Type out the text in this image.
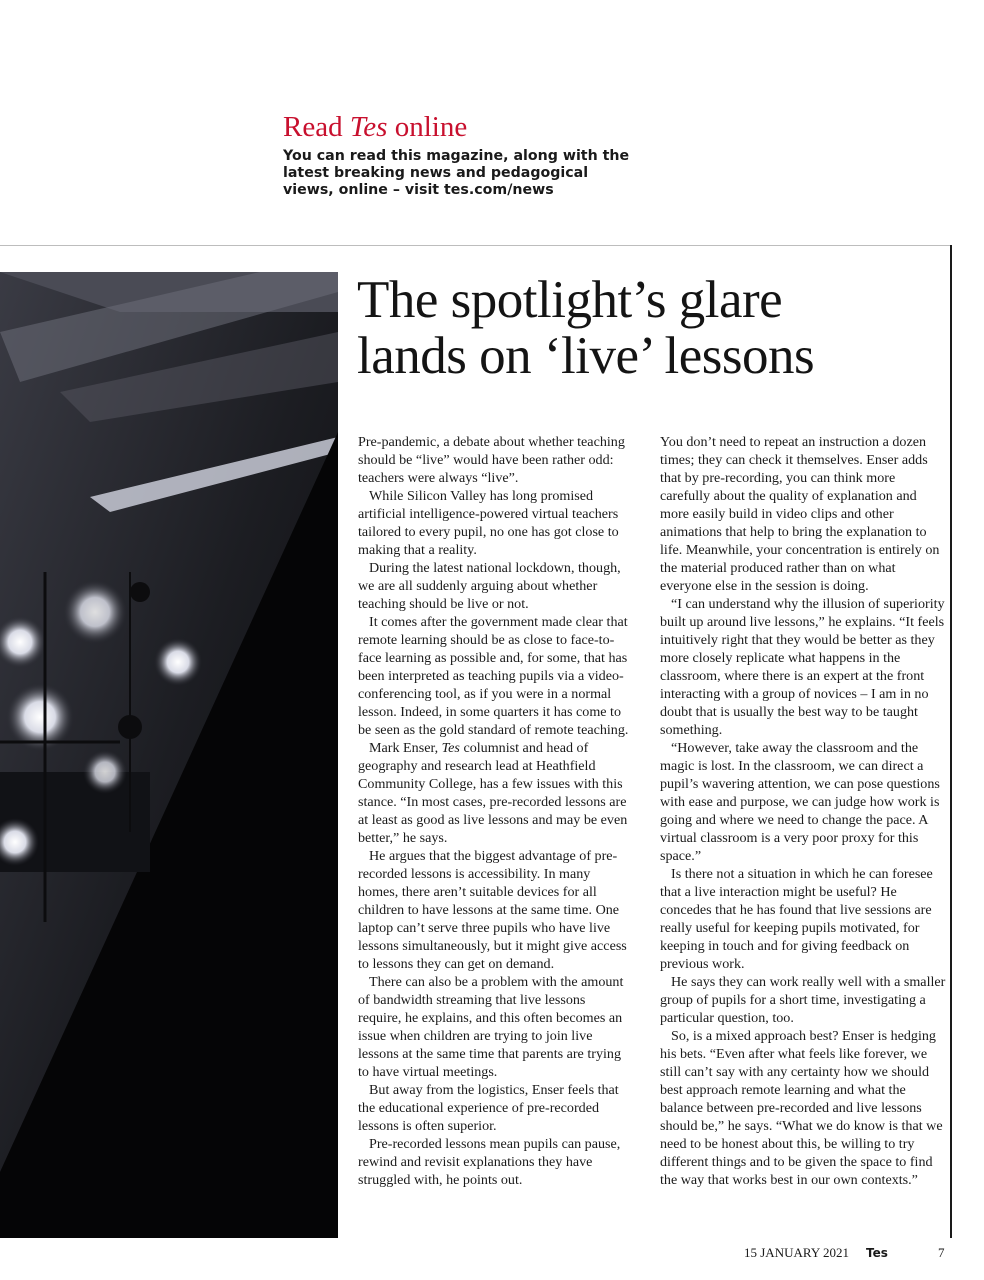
Read Tes online

You can read this magazine, along with the latest breaking news and pedagogical views, online – visit tes.com/news

The spotlight’s glare
lands on ‘live’ lessons

Pre-pandemic, a debate about whether teaching should be “live” would have been rather odd: teachers were always “live”.

While Silicon Valley has long promised artificial intelligence-powered virtual teachers tailored to every pupil, no one has got close to making that a reality.

During the latest national lockdown, though, we are all suddenly arguing about whether teaching should be live or not.

It comes after the government made clear that remote learning should be as close to face-to-face learning as possible and, for some, that has been interpreted as teaching pupils via a video-conferencing tool, as if you were in a normal lesson. Indeed, in some quarters it has come to be seen as the gold standard of remote teaching.

Mark Enser, Tes columnist and head of geography and research lead at Heathfield Community College, has a few issues with this stance. “In most cases, pre-recorded lessons are at least as good as live lessons and may be even better,” he says.

He argues that the biggest advantage of pre-recorded lessons is accessibility. In many homes, there aren’t suitable devices for all children to have lessons at the same time. One laptop can’t serve three pupils who have live lessons simultaneously, but it might give access to lessons they can get on demand.

There can also be a problem with the amount of bandwidth streaming that live lessons require, he explains, and this often becomes an issue when children are trying to join live lessons at the same time that parents are trying to have virtual meetings.

But away from the logistics, Enser feels that the educational experience of pre-recorded lessons is often superior.

Pre-recorded lessons mean pupils can pause, rewind and revisit explanations they have struggled with, he points out.

You don’t need to repeat an instruction a dozen times; they can check it themselves. Enser adds that by pre-recording, you can think more carefully about the quality of explanation and more easily build in video clips and other animations that help to bring the explanation to life. Meanwhile, your concentration is entirely on the material produced rather than on what everyone else in the session is doing.

“I can understand why the illusion of superiority built up around live lessons,” he explains. “It feels intuitively right that they would be better as they more closely replicate what happens in the classroom, where there is an expert at the front interacting with a group of novices – I am in no doubt that is usually the best way to be taught something.

“However, take away the classroom and the magic is lost. In the classroom, we can direct a pupil’s wavering attention, we can pose questions with ease and purpose, we can judge how work is going and where we need to change the pace. A virtual classroom is a very poor proxy for this space.”

Is there not a situation in which he can foresee that a live interaction might be useful? He concedes that he has found that live sessions are really useful for keeping pupils motivated, for keeping in touch and for giving feedback on previous work.

He says they can work really well with a smaller group of pupils for a short time, investigating a particular question, too.

So, is a mixed approach best? Enser is hedging his bets. “Even after what feels like forever, we still can’t say with any certainty how we should best approach remote learning and what the balance between pre-recorded and live lessons should be,” he says. “What we do know is that we need to be honest about this, be willing to try different things and to be given the space to find the way that works best in our own contexts.”

15 JANUARY 2021 Tes	7
